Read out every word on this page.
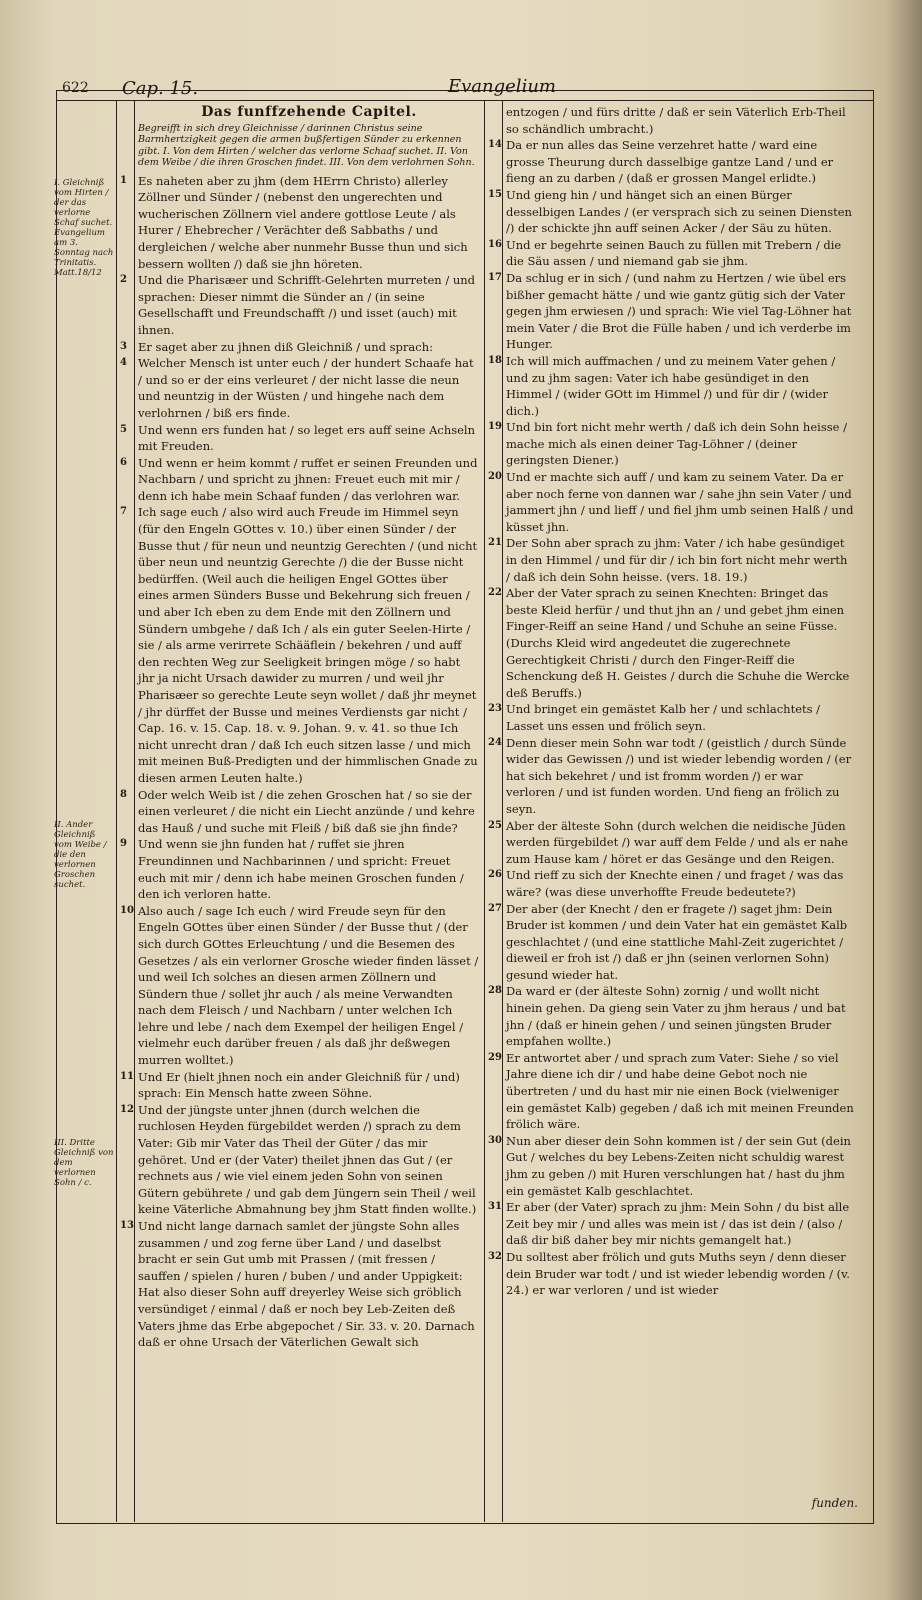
622 Cap. 15.	Evangelium
I. Gleichniß vom Hirten / der das verlorne Schaf suchet. Evangelium am 3. Sonntag nach Trinitatis. Matt.18/12
II. Ander Gleichniß vom Weibe / die den verlornen Groschen suchet.
III. Dritte Gleichniß von dem verlornen Sohn / c.
Das funffzehende Capitel.
Begreifft in sich drey Gleichnisse / darinnen Christus seine Barmhertzigkeit gegen die armen bußfertigen Sünder zu erkennen gibt. I. Von dem Hirten / welcher das verlorne Schaaf suchet. II. Von dem Weibe / die ihren Groschen findet. III. Von dem verlohrnen Sohn.

1 Es naheten aber zu jhm (dem HErrn Christo) allerley Zöllner und Sünder / (nebenst den ungerechten und wucherischen Zöllnern viel andere gottlose Leute / als Hurer / Ehebrecher / Verächter deß Sabbaths / und dergleichen / welche aber nunmehr Busse thun und sich bessern wollten /) daß sie jhn höreten.

2 Und die Pharisæer und Schrifft-Gelehrten murreten / und sprachen: Dieser nimmt die Sünder an / (in seine Gesellschafft und Freundschafft /) und isset (auch) mit ihnen.

3 Er saget aber zu jhnen diß Gleichniß / und sprach:

4 Welcher Mensch ist unter euch / der hundert Schaafe hat / und so er der eins verleuret / der nicht lasse die neun und neuntzig in der Wüsten / und hingehe nach dem verlohrnen / biß ers finde.

5 Und wenn ers funden hat / so leget ers auff seine Achseln mit Freuden.

6 Und wenn er heim kommt / ruffet er seinen Freunden und Nachbarn / und spricht zu jhnen: Freuet euch mit mir / denn ich habe mein Schaaf funden / das verlohren war.

7 Ich sage euch / also wird auch Freude im Himmel seyn (für den Engeln GOttes v. 10.) über einen Sünder / der Busse thut / für neun und neuntzig Gerechten / (und nicht über neun und neuntzig Gerechte /) die der Busse nicht bedürffen. (Weil auch die heiligen Engel GOttes über eines armen Sünders Busse und Bekehrung sich freuen / und aber Ich eben zu dem Ende mit den Zöllnern und Sündern umbgehe / daß Ich / als ein guter Seelen-Hirte / sie / als arme verirrete Schääflein / bekehren / und auff den rechten Weg zur Seeligkeit bringen möge / so habt jhr ja nicht Ursach dawider zu murren / und weil jhr Pharisæer so gerechte Leute seyn wollet / daß jhr meynet / jhr dürffet der Busse und meines Verdiensts gar nicht / Cap. 16. v. 15. Cap. 18. v. 9. Johan. 9. v. 41. so thue Ich nicht unrecht dran / daß Ich euch sitzen lasse / und mich mit meinen Buß-Predigten und der himmlischen Gnade zu diesen armen Leuten halte.)

8 Oder welch Weib ist / die zehen Groschen hat / so sie der einen verleuret / die nicht ein Liecht anzünde / und kehre das Hauß / und suche mit Fleiß / biß daß sie jhn finde?

9 Und wenn sie jhn funden hat / ruffet sie jhren Freundinnen und Nachbarinnen / und spricht: Freuet euch mit mir / denn ich habe meinen Groschen funden / den ich verloren hatte.

10 Also auch / sage Ich euch / wird Freude seyn für den Engeln GOttes über einen Sünder / der Busse thut / (der sich durch GOttes Erleuchtung / und die Besemen des Gesetzes / als ein verlorner Grosche wieder finden lässet / und weil Ich solches an diesen armen Zöllnern und Sündern thue / sollet jhr auch / als meine Verwandten nach dem Fleisch / und Nachbarn / unter welchen Ich lehre und lebe / nach dem Exempel der heiligen Engel / vielmehr euch darüber freuen / als daß jhr deßwegen murren wolltet.)

11 Und Er (hielt jhnen noch ein ander Gleichniß für / und) sprach: Ein Mensch hatte zween Söhne.

12 Und der jüngste unter jhnen (durch welchen die ruchlosen Heyden fürgebildet werden /) sprach zu dem Vater: Gib mir Vater das Theil der Güter / das mir gehöret. Und er (der Vater) theilet jhnen das Gut / (er rechnets aus / wie viel einem jeden Sohn von seinen Gütern gebührete / und gab dem Jüngern sein Theil / weil keine Väterliche Abmahnung bey jhm Statt finden wollte.)

13 Und nicht lange darnach samlet der jüngste Sohn alles zusammen / und zog ferne über Land / und daselbst bracht er sein Gut umb mit Prassen / (mit fressen / sauffen / spielen / huren / buben / und ander Uppigkeit: Hat also dieser Sohn auff dreyerley Weise sich gröblich versündiget / einmal / daß er noch bey Leb-Zeiten deß Vaters jhme das Erbe abgepochet / Sir. 33. v. 20. Darnach daß er ohne Ursach der Väterlichen Gewalt sich

entzogen / und fürs dritte / daß er sein Väterlich Erb-Theil so schändlich umbracht.)

14 Da er nun alles das Seine verzehret hatte / ward eine grosse Theurung durch dasselbige gantze Land / und er fieng an zu darben / (daß er grossen Mangel erlidte.)

15 Und gieng hin / und hänget sich an einen Bürger desselbigen Landes / (er versprach sich zu seinen Diensten /) der schickte jhn auff seinen Acker / der Säu zu hüten.

16 Und er begehrte seinen Bauch zu füllen mit Trebern / die die Säu assen / und niemand gab sie jhm.

17 Da schlug er in sich / (und nahm zu Hertzen / wie übel ers bißher gemacht hätte / und wie gantz gütig sich der Vater gegen jhm erwiesen /) und sprach: Wie viel Tag-Löhner hat mein Vater / die Brot die Fülle haben / und ich verderbe im Hunger.

18 Ich will mich auffmachen / und zu meinem Vater gehen / und zu jhm sagen: Vater ich habe gesündiget in den Himmel / (wider GOtt im Himmel /) und für dir / (wider dich.)

19 Und bin fort nicht mehr werth / daß ich dein Sohn heisse / mache mich als einen deiner Tag-Löhner / (deiner geringsten Diener.)

20 Und er machte sich auff / und kam zu seinem Vater. Da er aber noch ferne von dannen war / sahe jhn sein Vater / und jammert jhn / und lieff / und fiel jhm umb seinen Halß / und küsset jhn.

21 Der Sohn aber sprach zu jhm: Vater / ich habe gesündiget in den Himmel / und für dir / ich bin fort nicht mehr werth / daß ich dein Sohn heisse. (vers. 18. 19.)

22 Aber der Vater sprach zu seinen Knechten: Bringet das beste Kleid herfür / und thut jhn an / und gebet jhm einen Finger-Reiff an seine Hand / und Schuhe an seine Füsse. (Durchs Kleid wird angedeutet die zugerechnete Gerechtigkeit Christi / durch den Finger-Reiff die Schenckung deß H. Geistes / durch die Schuhe die Wercke deß Beruffs.)

23 Und bringet ein gemästet Kalb her / und schlachtets / Lasset uns essen und frölich seyn.

24 Denn dieser mein Sohn war todt / (geistlich / durch Sünde wider das Gewissen /) und ist wieder lebendig worden / (er hat sich bekehret / und ist fromm worden /) er war verloren / und ist funden worden. Und fieng an frölich zu seyn.

25 Aber der älteste Sohn (durch welchen die neidische Jüden werden fürgebildet /) war auff dem Felde / und als er nahe zum Hause kam / höret er das Gesänge und den Reigen.

26 Und rieff zu sich der Knechte einen / und fraget / was das wäre? (was diese unverhoffte Freude bedeutete?)

27 Der aber (der Knecht / den er fragete /) saget jhm: Dein Bruder ist kommen / und dein Vater hat ein gemästet Kalb geschlachtet / (und eine stattliche Mahl-Zeit zugerichtet / dieweil er froh ist /) daß er jhn (seinen verlornen Sohn) gesund wieder hat.

28 Da ward er (der älteste Sohn) zornig / und wollt nicht hinein gehen. Da gieng sein Vater zu jhm heraus / und bat jhn / (daß er hinein gehen / und seinen jüngsten Bruder empfahen wollte.)

29 Er antwortet aber / und sprach zum Vater: Siehe / so viel Jahre diene ich dir / und habe deine Gebot noch nie übertreten / und du hast mir nie einen Bock (vielweniger ein gemästet Kalb) gegeben / daß ich mit meinen Freunden frölich wäre.

30 Nun aber dieser dein Sohn kommen ist / der sein Gut (dein Gut / welches du bey Lebens-Zeiten nicht schuldig warest jhm zu geben /) mit Huren verschlungen hat / hast du jhm ein gemästet Kalb geschlachtet.

31 Er aber (der Vater) sprach zu jhm: Mein Sohn / du bist alle Zeit bey mir / und alles was mein ist / das ist dein / (also / daß dir biß daher bey mir nichts gemangelt hat.)

32 Du solltest aber frölich und guts Muths seyn / denn dieser dein Bruder war todt / und ist wieder lebendig worden / (v. 24.) er war verloren / und ist wieder

funden.
